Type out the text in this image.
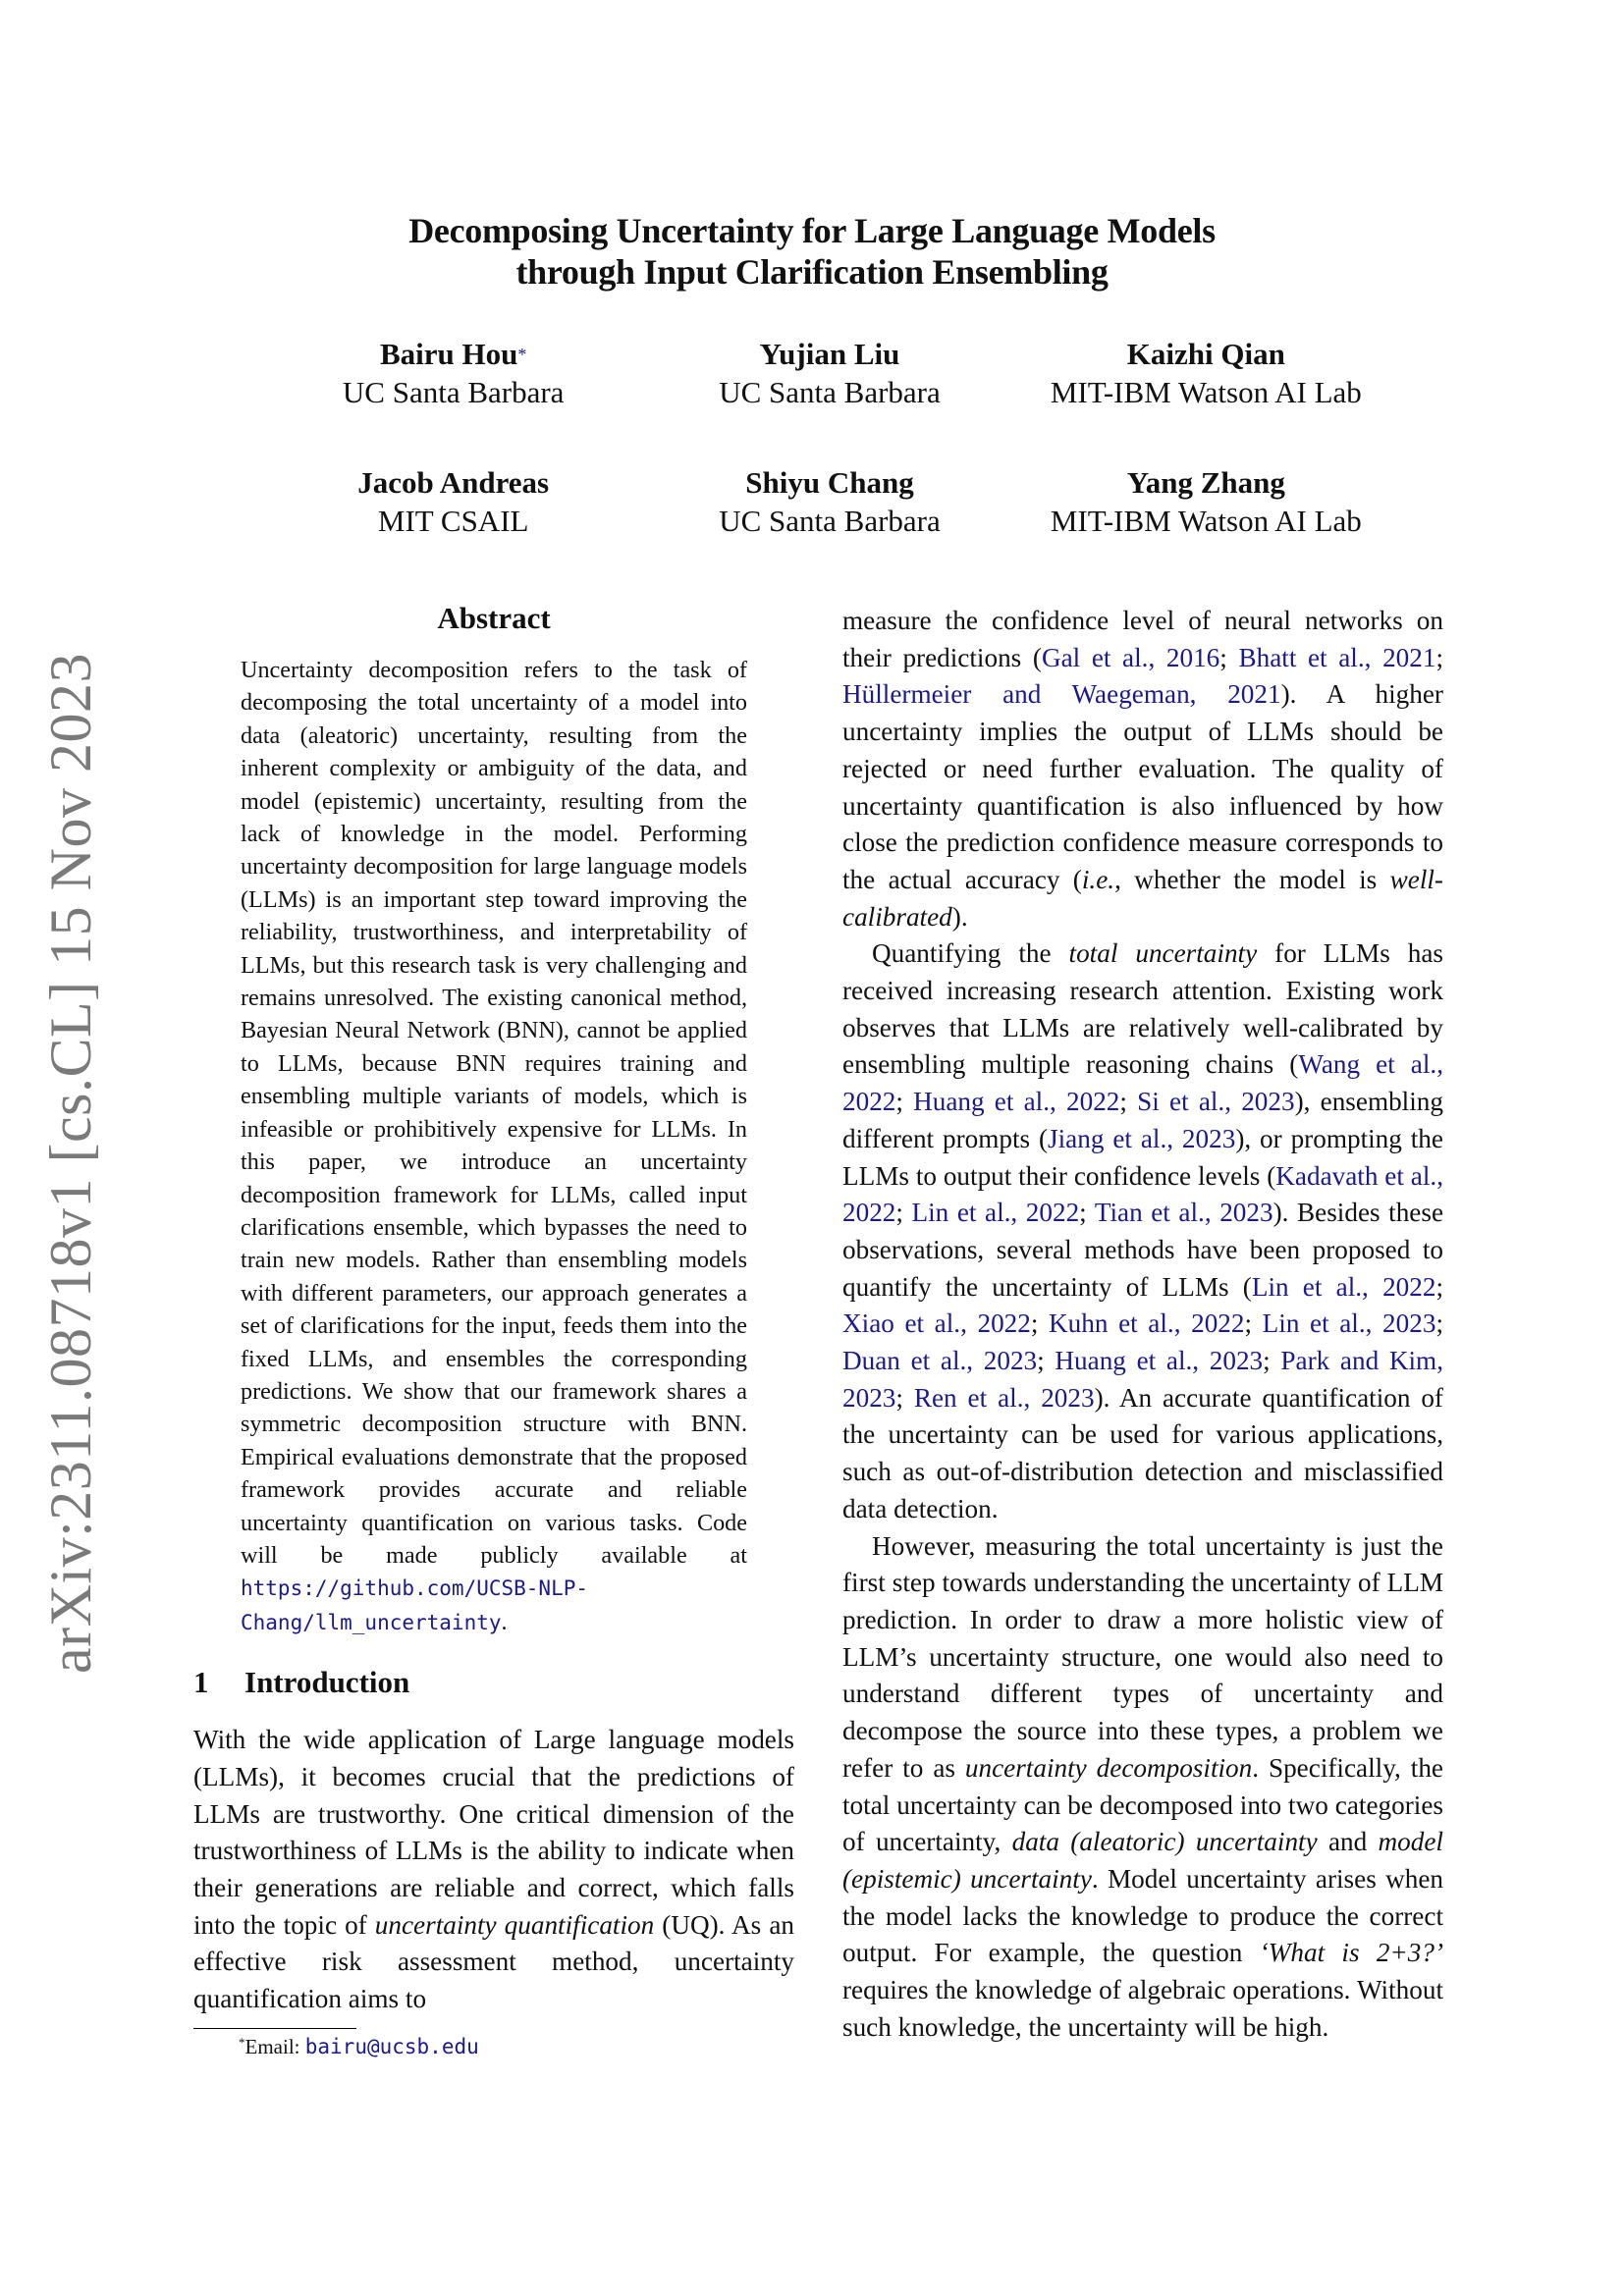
arXiv:2311.08718v1 [cs.CL] 15 Nov 2023
Decomposing Uncertainty for Large Language Models
through Input Clarification Ensembling
Bairu Hou*
UC Santa Barbara
Yujian Liu
UC Santa Barbara
Kaizhi Qian
MIT-IBM Watson AI Lab
Jacob Andreas
MIT CSAIL
Shiyu Chang
UC Santa Barbara
Yang Zhang
MIT-IBM Watson AI Lab
Abstract

Uncertainty decomposition refers to the task of decomposing the total uncertainty of a model into data (aleatoric) uncertainty, resulting from the inherent complexity or ambiguity of the data, and model (epistemic) uncertainty, resulting from the lack of knowledge in the model. Performing uncertainty decomposition for large language models (LLMs) is an important step toward improving the reliability, trustworthiness, and interpretability of LLMs, but this research task is very challenging and remains unresolved. The existing canonical method, Bayesian Neural Network (BNN), cannot be applied to LLMs, because BNN requires training and ensembling multiple variants of models, which is infeasible or prohibitively expensive for LLMs. In this paper, we introduce an uncertainty decomposition framework for LLMs, called input clarifications ensemble, which bypasses the need to train new models. Rather than ensembling models with different parameters, our approach generates a set of clarifications for the input, feeds them into the fixed LLMs, and ensembles the corresponding predictions. We show that our framework shares a symmetric decomposition structure with BNN. Empirical evaluations demonstrate that the proposed framework provides accurate and reliable uncertainty quantification on various tasks. Code will be made publicly available at https://github.com/UCSB-NLP-Chang/llm_uncertainty.

1 Introduction

With the wide application of Large language models (LLMs), it becomes crucial that the predictions of LLMs are trustworthy. One critical dimension of the trustworthiness of LLMs is the ability to indicate when their generations are reliable and correct, which falls into the topic of uncertainty quantification (UQ). As an effective risk assessment method, uncertainty quantification aims to

*Email: bairu@ucsb.edu

measure the confidence level of neural networks on their predictions (Gal et al., 2016; Bhatt et al., 2021; Hüllermeier and Waegeman, 2021). A higher uncertainty implies the output of LLMs should be rejected or need further evaluation. The quality of uncertainty quantification is also influenced by how close the prediction confidence measure corresponds to the actual accuracy (i.e., whether the model is well-calibrated).

Quantifying the total uncertainty for LLMs has received increasing research attention. Existing work observes that LLMs are relatively well-calibrated by ensembling multiple reasoning chains (Wang et al., 2022; Huang et al., 2022; Si et al., 2023), ensembling different prompts (Jiang et al., 2023), or prompting the LLMs to output their confidence levels (Kadavath et al., 2022; Lin et al., 2022; Tian et al., 2023). Besides these observations, several methods have been proposed to quantify the uncertainty of LLMs (Lin et al., 2022; Xiao et al., 2022; Kuhn et al., 2022; Lin et al., 2023; Duan et al., 2023; Huang et al., 2023; Park and Kim, 2023; Ren et al., 2023). An accurate quantification of the uncertainty can be used for various applications, such as out-of-distribution detection and misclassified data detection.

However, measuring the total uncertainty is just the first step towards understanding the uncertainty of LLM prediction. In order to draw a more holistic view of LLM’s uncertainty structure, one would also need to understand different types of uncertainty and decompose the source into these types, a problem we refer to as uncertainty decomposition. Specifically, the total uncertainty can be decomposed into two categories of uncertainty, data (aleatoric) uncertainty and model (epistemic) uncertainty. Model uncertainty arises when the model lacks the knowledge to produce the correct output. For example, the question ‘What is 2+3?’ requires the knowledge of algebraic operations. Without such knowledge, the uncertainty will be high.
